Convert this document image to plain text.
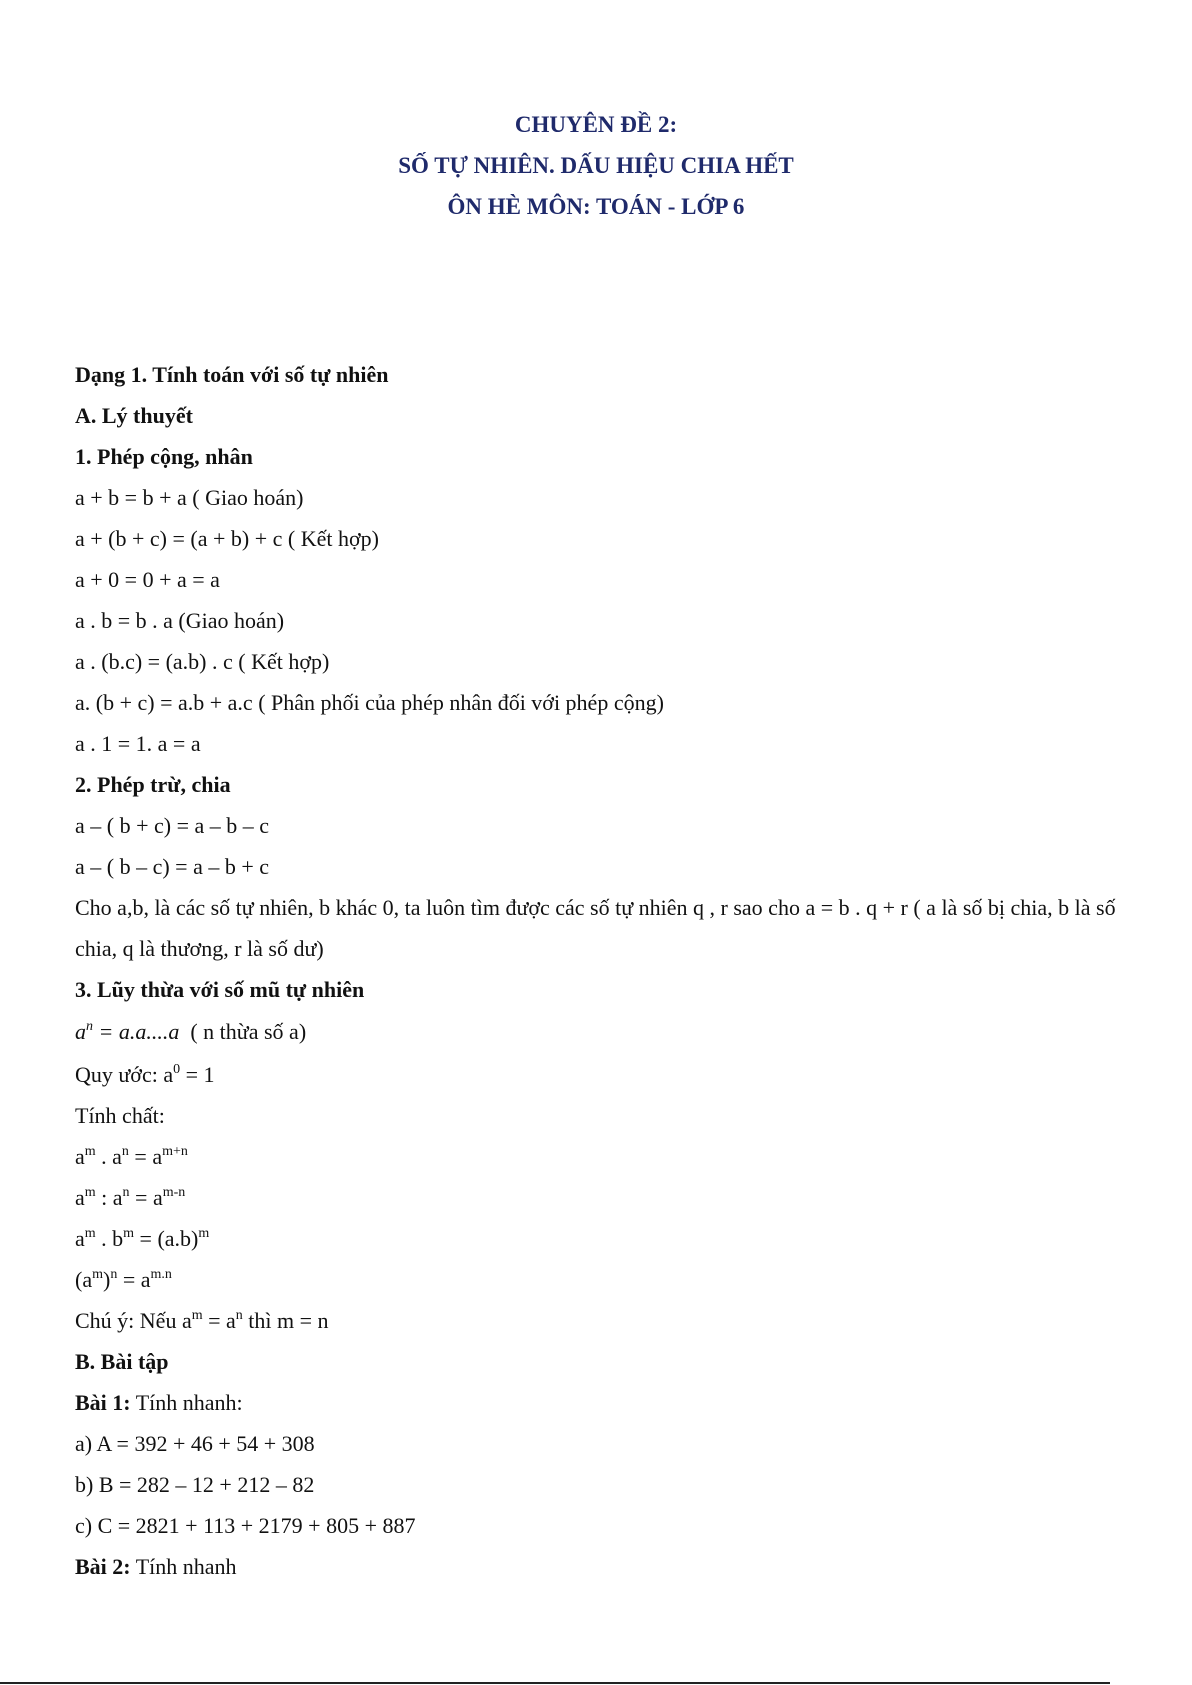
CHUYÊN ĐỀ 2:
SỐ TỰ NHIÊN. DẤU HIỆU CHIA HẾT
ÔN HÈ MÔN: TOÁN - LỚP 6
Dạng 1. Tính toán với số tự nhiên
A. Lý thuyết
1. Phép cộng, nhân
a + b = b + a ( Giao hoán)
a + (b + c) = (a + b) + c ( Kết hợp)
a + 0 = 0 + a = a
a . b = b . a (Giao hoán)
a . (b.c) = (a.b) . c ( Kết hợp)
a. (b + c) = a.b + a.c ( Phân phối của phép nhân đối với phép cộng)
a . 1 = 1. a = a
2. Phép trừ, chia
a – ( b + c) = a – b – c
a – ( b – c) = a – b + c
Cho a,b, là các số tự nhiên, b khác 0, ta luôn tìm được các số tự nhiên q , r sao cho a = b . q + r ( a là số bị chia, b là số chia, q là thương, r là số dư)
3. Lũy thừa với số mũ tự nhiên
$a^n = a.a....a$ ( n thừa số a)
Quy ước: $a^0 = 1$
Tính chất:
$a^m$ . $a^n = a^{m+n}$
$a^m$ : $a^n = a^{m-n}$
$a^m$ . $b^m = (a.b)^m$
$(a^m)^n = a^{m.n}$
Chú ý: Nếu $a^m = a^n$ thì m = n
B. Bài tập
Bài 1: Tính nhanh:
a) A = 392 + 46 + 54 + 308
b) B = 282 – 12 + 212 – 82
c) C = 2821 + 113 + 2179 + 805 + 887
Bài 2: Tính nhanh
